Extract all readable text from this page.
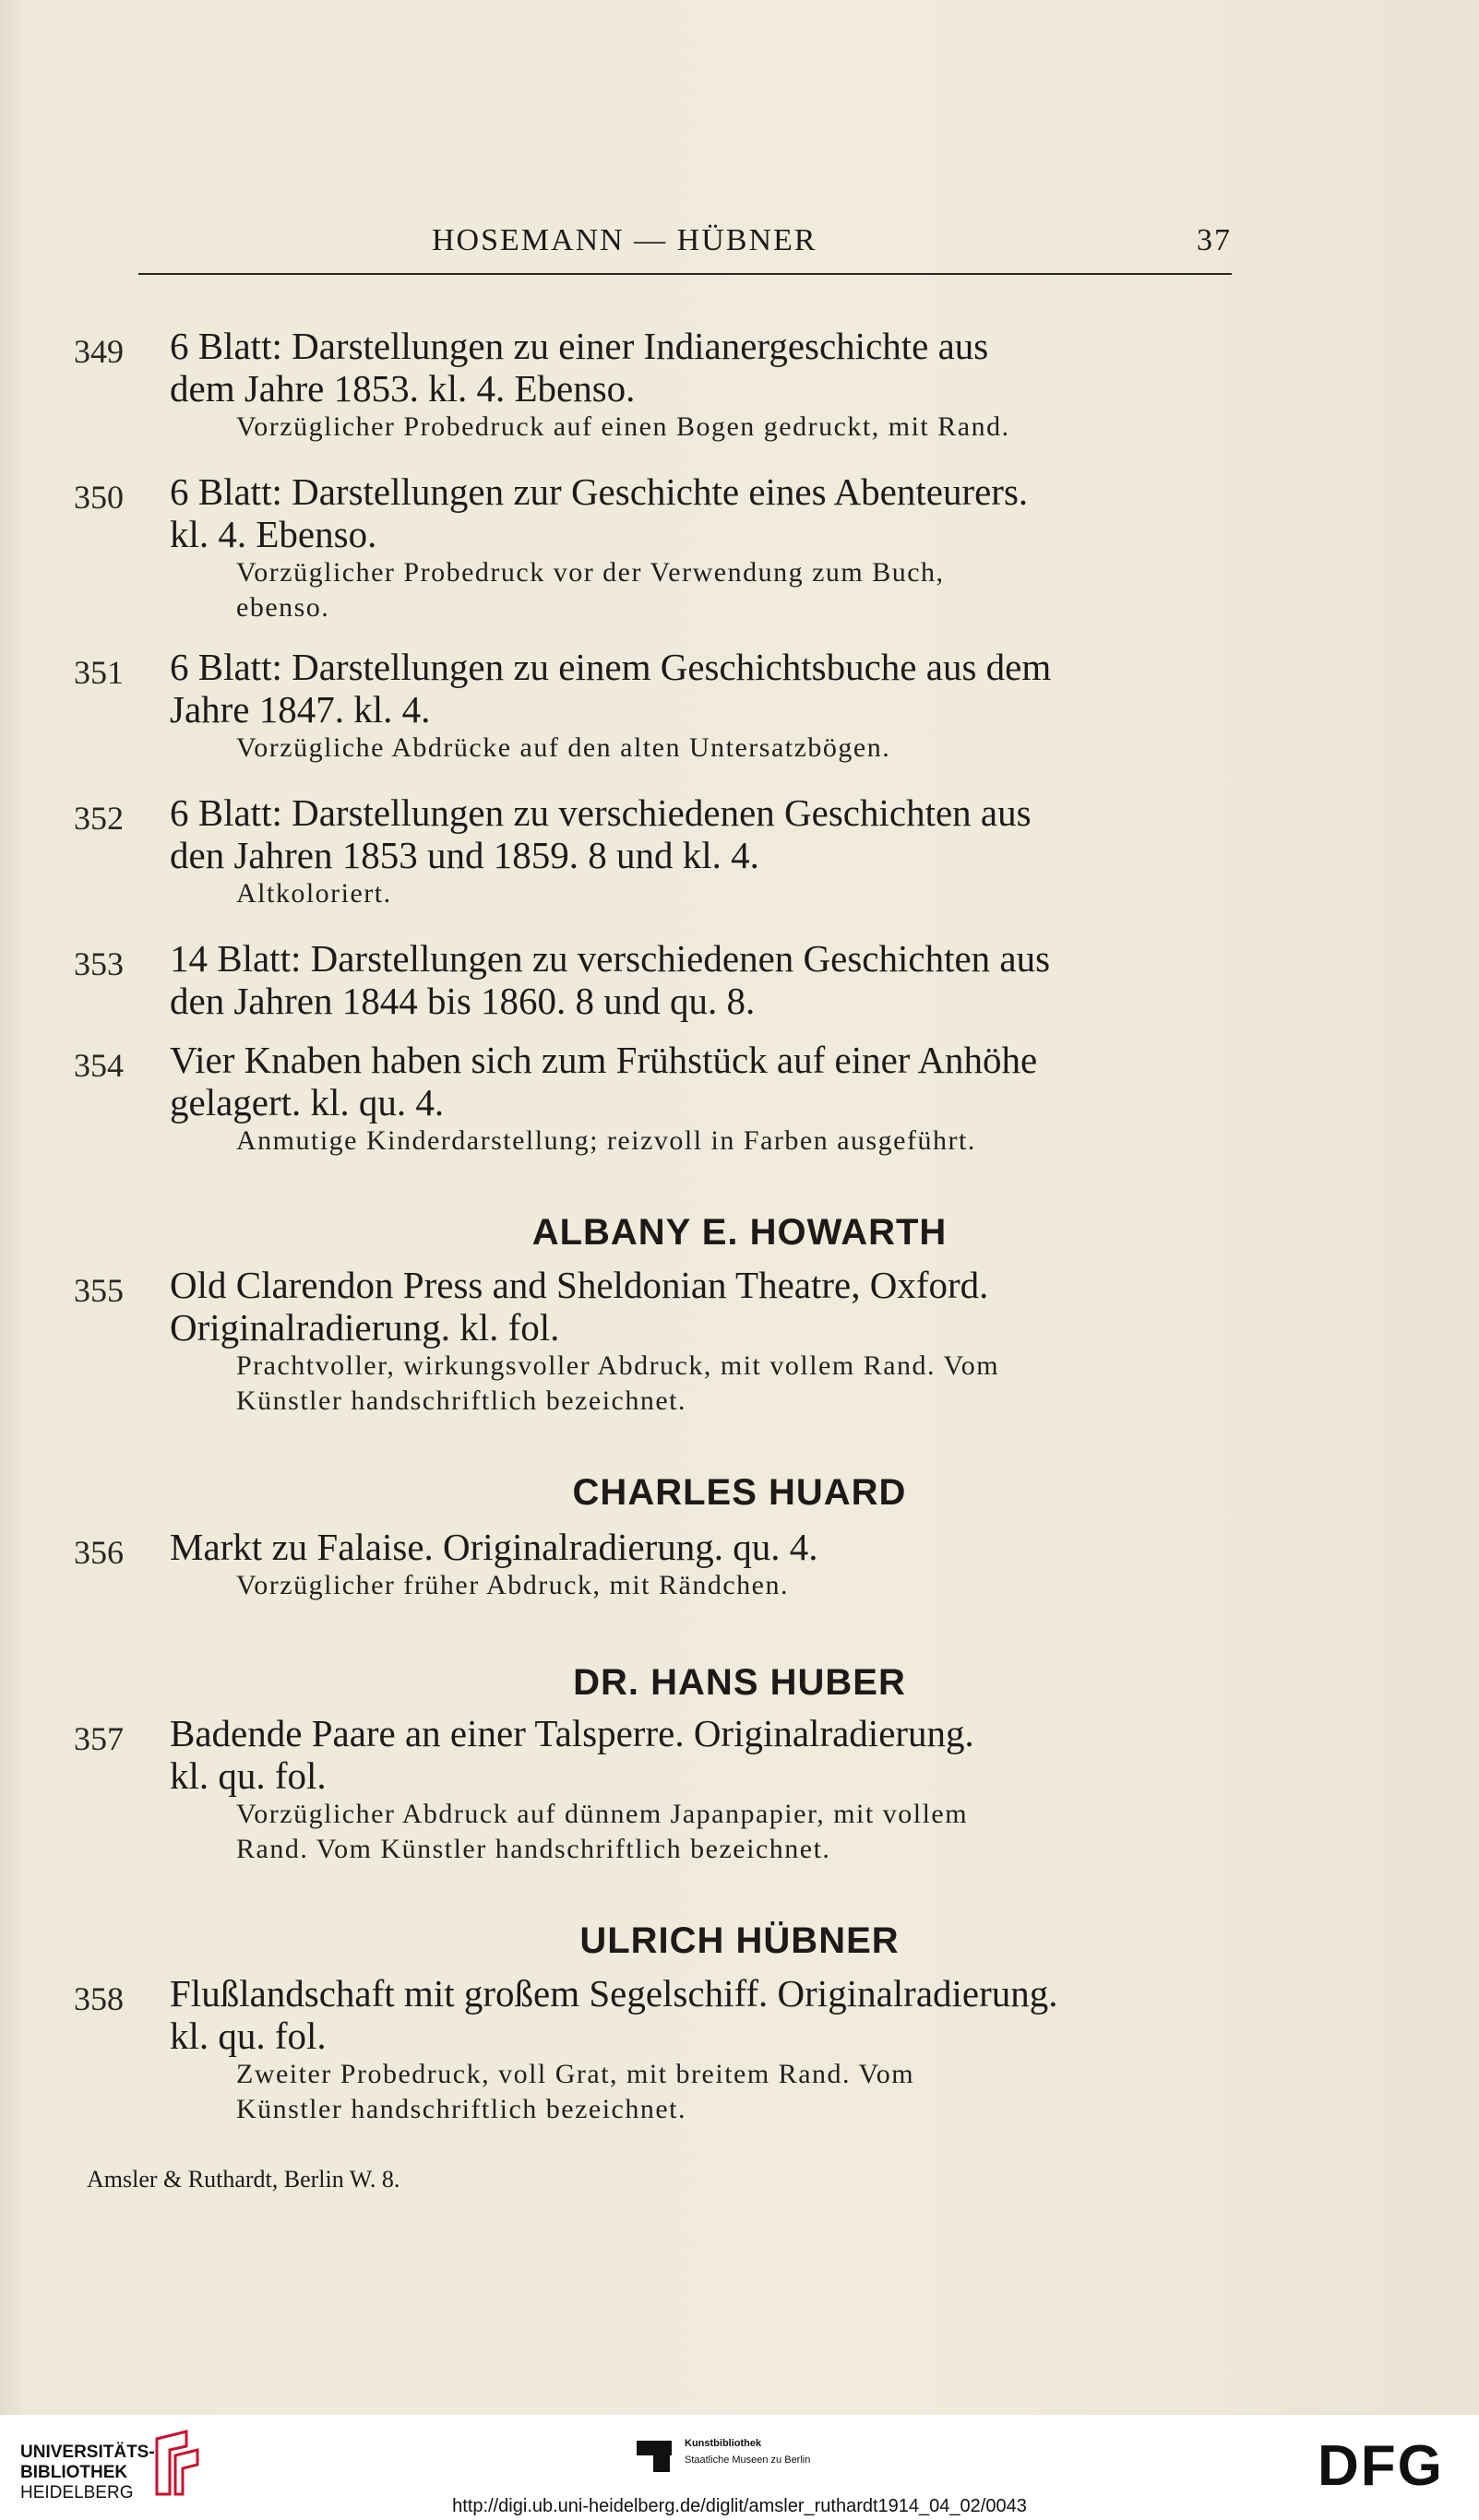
HOSEMANN — HÜBNER	37
349 6 Blatt: Darstellungen zu einer Indianergeschichte aus
dem Jahre 1853. kl. 4. Ebenso.
Vorzüglicher Probedruck auf einen Bogen gedruckt, mit Rand.
350 6 Blatt: Darstellungen zur Geschichte eines Abenteurers.
kl. 4. Ebenso.
Vorzüglicher Probedruck vor der Verwendung zum Buch,
ebenso.
351 6 Blatt: Darstellungen zu einem Geschichtsbuche aus dem
Jahre 1847. kl. 4.
Vorzügliche Abdrücke auf den alten Untersatzbögen.
352 6 Blatt: Darstellungen zu verschiedenen Geschichten aus
den Jahren 1853 und 1859. 8 und kl. 4.
Altkoloriert.
353 14 Blatt: Darstellungen zu verschiedenen Geschichten aus
den Jahren 1844 bis 1860. 8 und qu. 8.
354 Vier Knaben haben sich zum Frühstück auf einer Anhöhe
gelagert. kl. qu. 4.
Anmutige Kinderdarstellung; reizvoll in Farben ausgeführt.
ALBANY E. HOWARTH
355 Old Clarendon Press and Sheldonian Theatre, Oxford.
Originalradierung. kl. fol.
Prachtvoller, wirkungsvoller Abdruck, mit vollem Rand. Vom
Künstler handschriftlich bezeichnet.
CHARLES HUARD
356 Markt zu Falaise. Originalradierung. qu. 4.
Vorzüglicher früher Abdruck, mit Rändchen.
DR. HANS HUBER
357 Badende Paare an einer Talsperre. Originalradierung.
kl. qu. fol.
Vorzüglicher Abdruck auf dünnem Japanpapier, mit vollem
Rand. Vom Künstler handschriftlich bezeichnet.
ULRICH HÜBNER
358 Flußlandschaft mit großem Segelschiff. Originalradierung.
kl. qu. fol.
Zweiter Probedruck, voll Grat, mit breitem Rand. Vom
Künstler handschriftlich bezeichnet.
Amsler & Ruthardt, Berlin W. 8.
UNIVERSITÄTS-
BIBLIOTHEK
HEIDELBERG
Kunstbibliothek
Staatliche Museen zu Berlin	DFG
http://digi.ub.uni-heidelberg.de/diglit/amsler_ruthardt1914_04_02/0043
